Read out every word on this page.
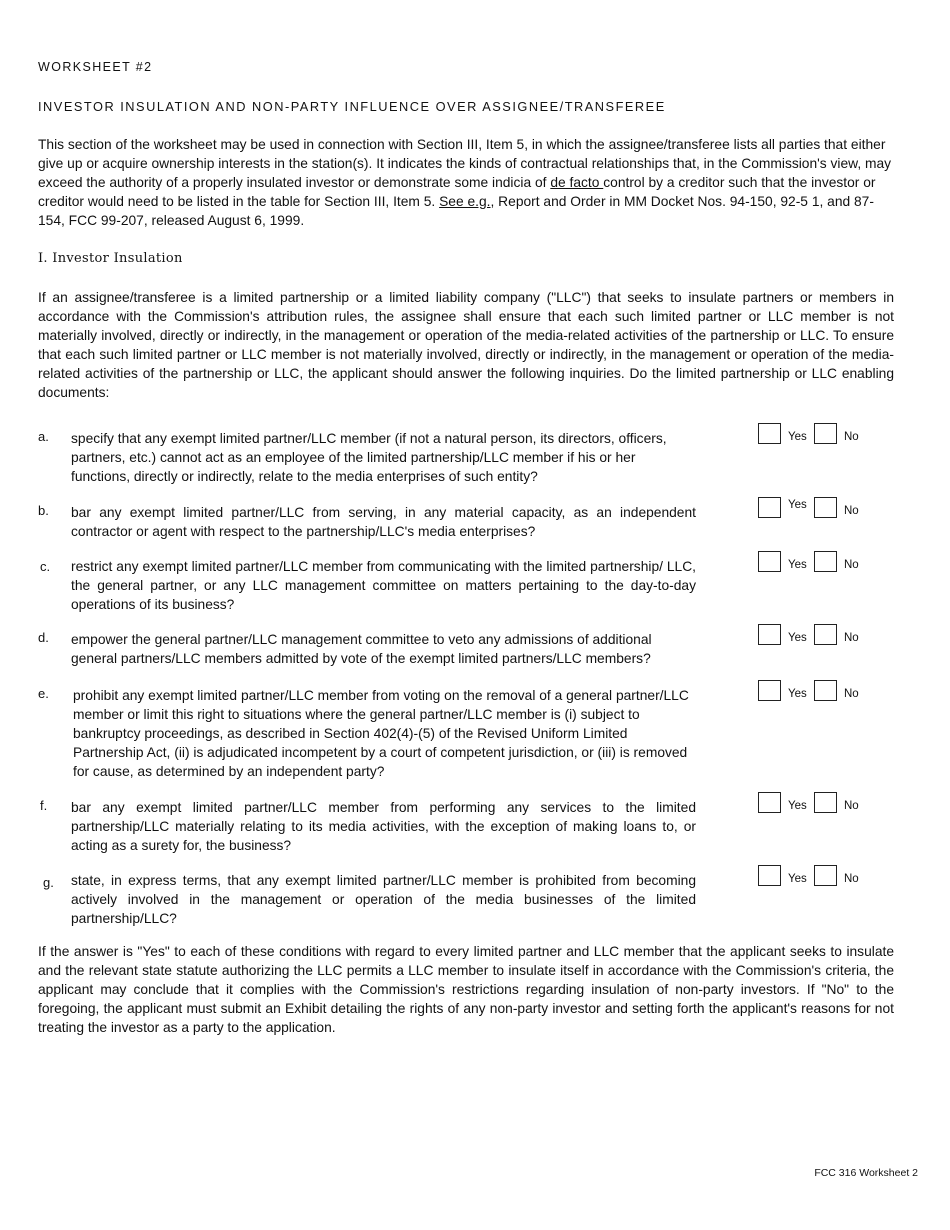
WORKSHEET #2
INVESTOR INSULATION AND NON-PARTY INFLUENCE OVER ASSIGNEE/TRANSFEREE
This section of the worksheet may be used in connection with Section III, Item 5, in which the assignee/transferee lists all parties that either give up or acquire ownership interests in the station(s). It indicates the kinds of contractual relationships that, in the Commission's view, may exceed the authority of a properly insulated investor or demonstrate some indicia of de facto control by a creditor such that the investor or creditor would need to be listed in the table for Section III, Item 5. See e.g., Report and Order in MM Docket Nos. 94-150, 92-5 1, and 87-154, FCC 99-207, released August 6, 1999.
I. Investor Insulation
If an assignee/transferee is a limited partnership or a limited liability company ("LLC") that seeks to insulate partners or members in accordance with the Commission's attribution rules, the assignee shall ensure that each such limited partner or LLC member is not materially involved, directly or indirectly, in the management or operation of the media-related activities of the partnership or LLC. To ensure that each such limited partner or LLC member is not materially involved, directly or indirectly, in the management or operation of the media-related activities of the partnership or LLC, the applicant should answer the following inquiries. Do the limited partnership or LLC enabling documents:
a.	specify that any exempt limited partner/LLC member (if not a natural person, its directors, officers, partners, etc.) cannot act as an employee of the limited partnership/LLC member if his or her functions, directly or indirectly, relate to the media enterprises of such entity?
Yes	No
b.	bar any exempt limited partner/LLC from serving, in any material capacity, as an independent contractor or agent with respect to the partnership/LLC's media enterprises?
Yes	No
c.	restrict any exempt limited partner/LLC member from communicating with the limited partnership/ LLC, the general partner, or any LLC management committee on matters pertaining to the day-to-day operations of its business?
Yes	No
d.	empower the general partner/LLC management committee to veto any admissions of additional general partners/LLC members admitted by vote of the exempt limited partners/LLC members?
Yes	No
e.	prohibit any exempt limited partner/LLC member from voting on the removal of a general partner/LLC member or limit this right to situations where the general partner/LLC member is (i) subject to bankruptcy proceedings, as described in Section 402(4)-(5) of the Revised Uniform Limited Partnership Act, (ii) is adjudicated incompetent by a court of competent jurisdiction, or (iii) is removed for cause, as determined by an independent party?
Yes	No
f.	bar any exempt limited partner/LLC member from performing any services to the limited partnership/LLC materially relating to its media activities, with the exception of making loans to, or acting as a surety for, the business?
Yes	No
g.	state, in express terms, that any exempt limited partner/LLC member is prohibited from becoming actively involved in the management or operation of the media businesses of the limited partnership/LLC?
Yes	No
If the answer is "Yes" to each of these conditions with regard to every limited partner and LLC member that the applicant seeks to insulate and the relevant state statute authorizing the LLC permits a LLC member to insulate itself in accordance with the Commission's criteria, the applicant may conclude that it complies with the Commission's restrictions regarding insulation of non-party investors. If "No" to the foregoing, the applicant must submit an Exhibit detailing the rights of any non-party investor and setting forth the applicant's reasons for not treating the investor as a party to the application.
FCC 316 Worksheet 2
